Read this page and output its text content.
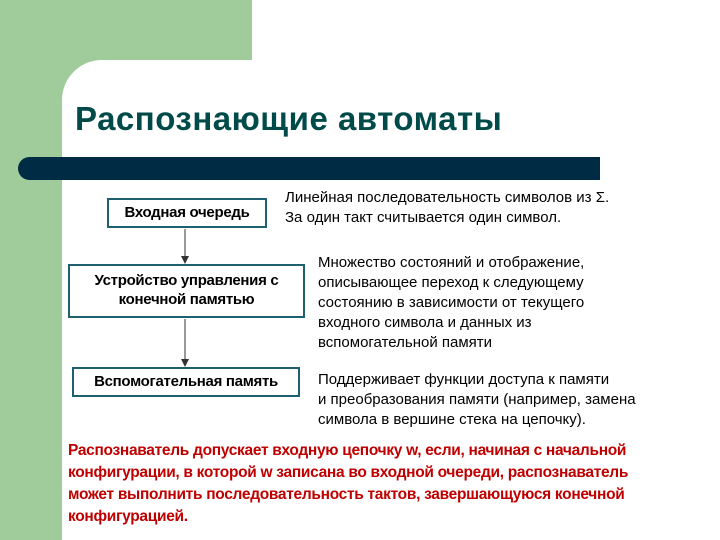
Распознающие автоматы
Входная очередь
Устройство управления с
конечной памятью
Вспомогательная память

Линейная последовательность символов из Σ.
За один такт считывается один символ.

Множество состояний и отображение,
описывающее переход к следующему
состоянию в зависимости от текущего
входного символа и данных из
вспомогательной памяти

Поддерживает функции доступа к памяти
и преобразования памяти (например, замена
символа в вершине стека на цепочку).

Распознаватель допускает входную цепочку w, если, начиная с начальной
конфигурации, в которой w записана во входной очереди, распознаватель
может выполнить последовательность тактов, завершающуюся конечной
конфигурацией.
